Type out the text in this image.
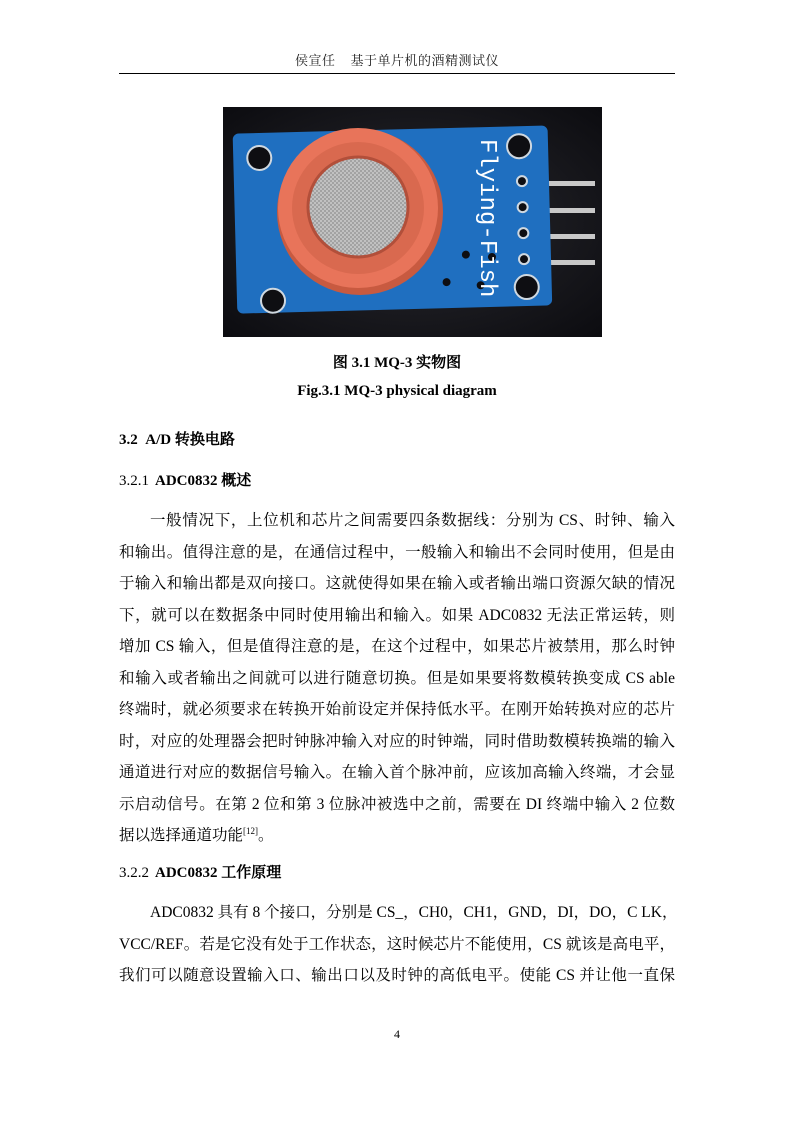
侯宣任 基于单片机的酒精测试仪
Flying-Fish
图 3.1 MQ-3 实物图
Fig.3.1 MQ-3 physical diagram
3.2 A/D 转换电路
3.2.1 ADC0832 概述
一般情况下，上位机和芯片之间需要四条数据线：分别为 CS、时钟、输入
和输出。值得注意的是，在通信过程中，一般输入和输出不会同时使用，但是由
于输入和输出都是双向接口。这就使得如果在输入或者输出端口资源欠缺的情况
下，就可以在数据条中同时使用输出和输入。如果 ADC0832 无法正常运转，则
增加 CS 输入，但是值得注意的是，在这个过程中，如果芯片被禁用，那么时钟
和输入或者输出之间就可以进行随意切换。但是如果要将数模转换变成 CS able
终端时，就必须要求在转换开始前设定并保持低水平。在刚开始转换对应的芯片
时，对应的处理器会把时钟脉冲输入对应的时钟端，同时借助数模转换端的输入
通道进行对应的数据信号输入。在输入首个脉冲前，应该加高输入终端，才会显
示启动信号。在第 2 位和第 3 位脉冲被选中之前，需要在 DI 终端中输入 2 位数
据以选择通道功能[12]。
3.2.2 ADC0832 工作原理
ADC0832 具有 8 个接口，分别是 CS_，CH0，CH1，GND，DI，DO，C LK，
VCC/REF。若是它没有处于工作状态，这时候芯片不能使用，CS 就该是高电平，
我们可以随意设置输入口、输出口以及时钟的高低电平。使能 CS 并让他一直保
4
